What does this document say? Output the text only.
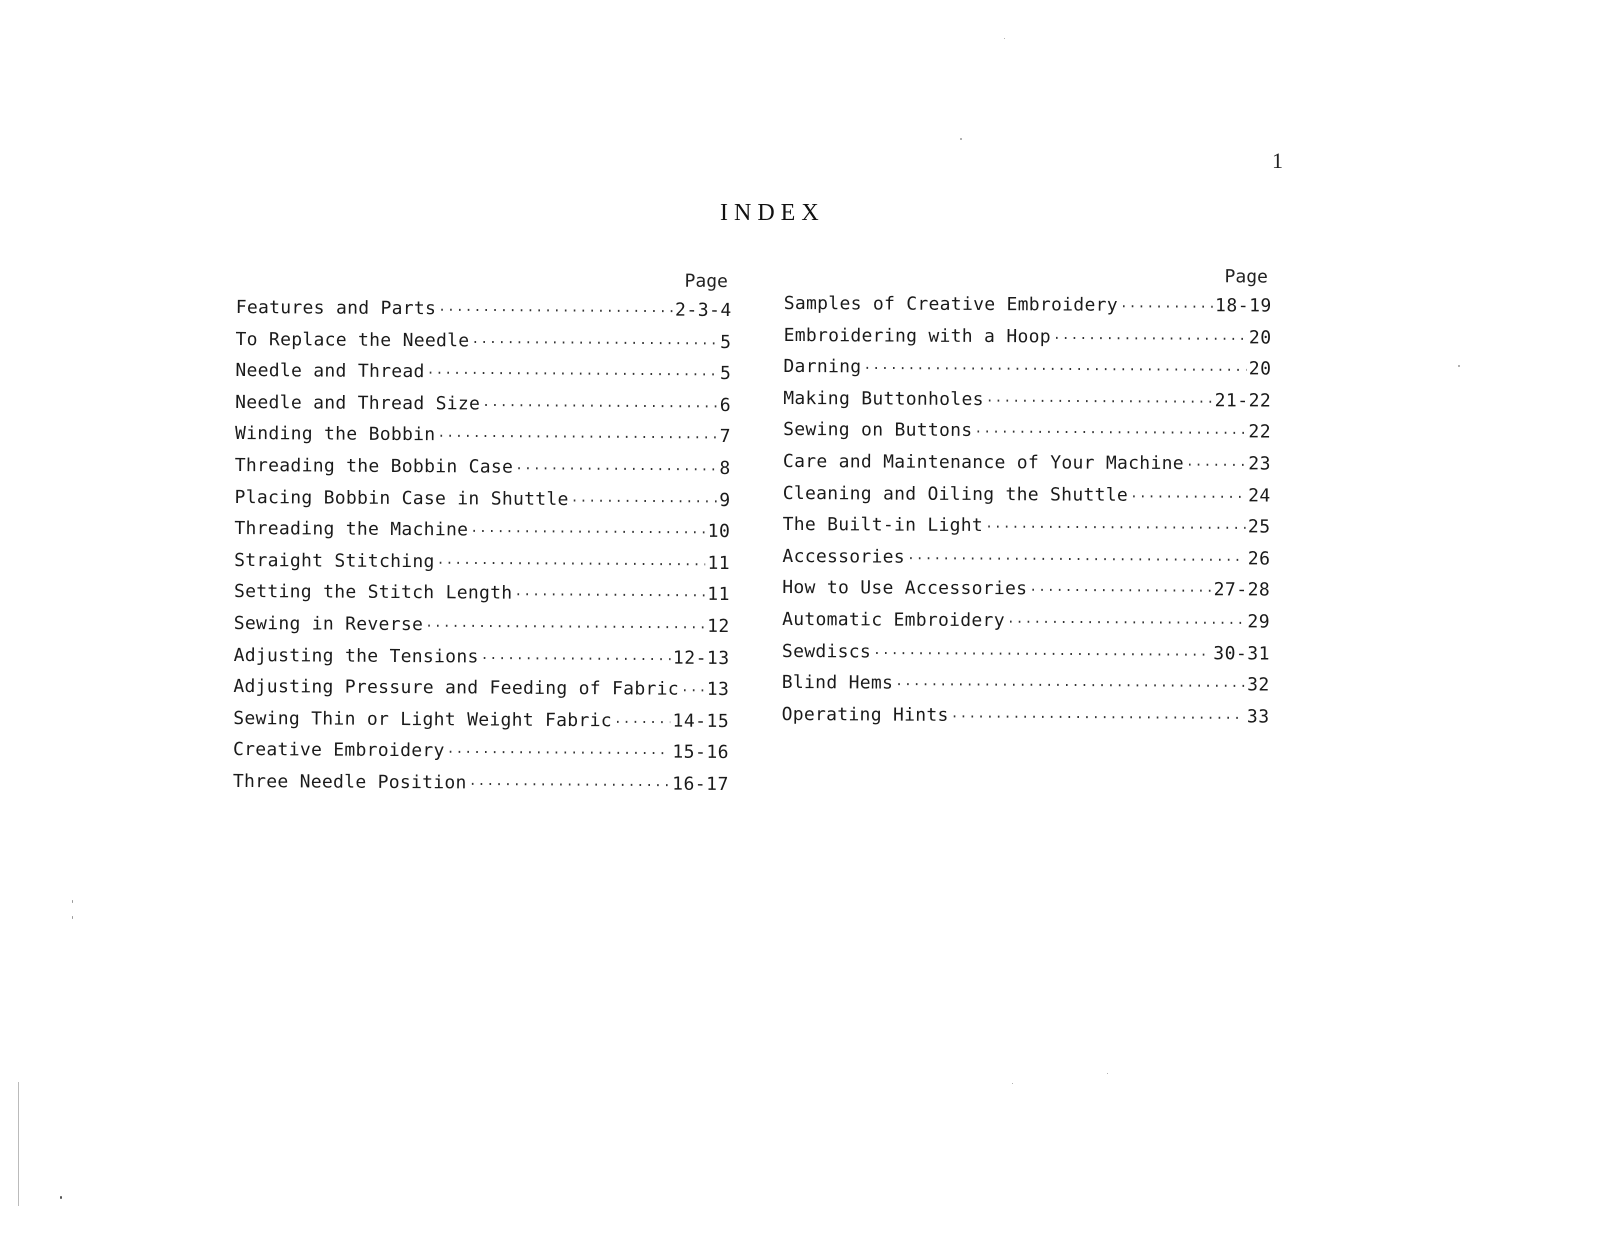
1
INDEX
Page
Features and Parts ·····	2-3-4
To Replace the Needle ·····	5
Needle and Thread ·····	5
Needle and Thread Size ·····	6
Winding the Bobbin ·····	7
Threading the Bobbin Case ·····	8
Placing Bobbin Case in Shuttle ·····	9
Threading the Machine ·····	10
Straight Stitching ·····	11
Setting the Stitch Length ·····	11
Sewing in Reverse ·····	12
Adjusting the Tensions ·····	12-13
Adjusting Pressure and Feeding of Fabric ····· 13
Sewing Thin or Light Weight Fabric ·····	14-15
Creative Embroidery ·····	15-16
Three Needle Position ·····	16-17
Page
Samples of Creative Embroidery ·····	18-19
Embroidering with a Hoop ·····	20
Darning ·····	20
Making Buttonholes ·····	21-22
Sewing on Buttons ·····	22
Care and Maintenance of Your Machine ·····	23
Cleaning and Oiling the Shuttle ·····	24
The Built-in Light ·····	25
Accessories ·····	26
How to Use Accessories ·····	27-28
Automatic Embroidery ·····	29
Sewdiscs ·····	30-31
Blind Hems ·····	32
Operating Hints ·····	33
